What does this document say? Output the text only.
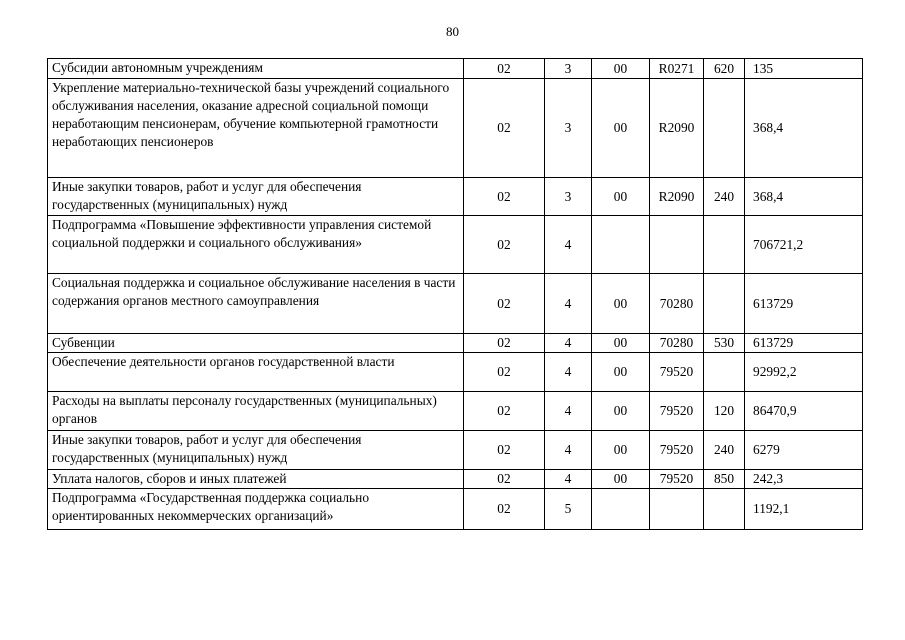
80
Субсидии автономным учреждениям	02	3	00	R0271	620	135
Укрепление материально-технической базы учреждений социального обслуживания населения, оказание адресной социальной помощи неработающим пенсионерам, обучение компьютерной грамотности неработающих пенсионеров	02	3	00	R2090		368,4
Иные закупки товаров, работ и услуг для обеспечения государственных (муниципальных) нужд	02	3	00	R2090	240	368,4
Подпрограмма «Повышение эффективности управления системой социальной поддержки и социального обслуживания»	02	4				706721,2
Социальная поддержка и социальное обслуживание населения в части содержания органов местного самоуправления	02	4	00	70280		613729
Субвенции	02	4	00	70280	530	613729
Обеспечение деятельности органов государственной власти	02	4	00	79520		92992,2
Расходы на выплаты персоналу государственных (муниципальных) органов	02	4	00	79520	120	86470,9
Иные закупки товаров, работ и услуг для обеспечения государственных (муниципальных) нужд	02	4	00	79520	240	6279
Уплата налогов, сборов и иных платежей	02	4	00	79520	850	242,3
Подпрограмма «Государственная поддержка социально ориентированных некоммерческих организаций»	02	5				1192,1
